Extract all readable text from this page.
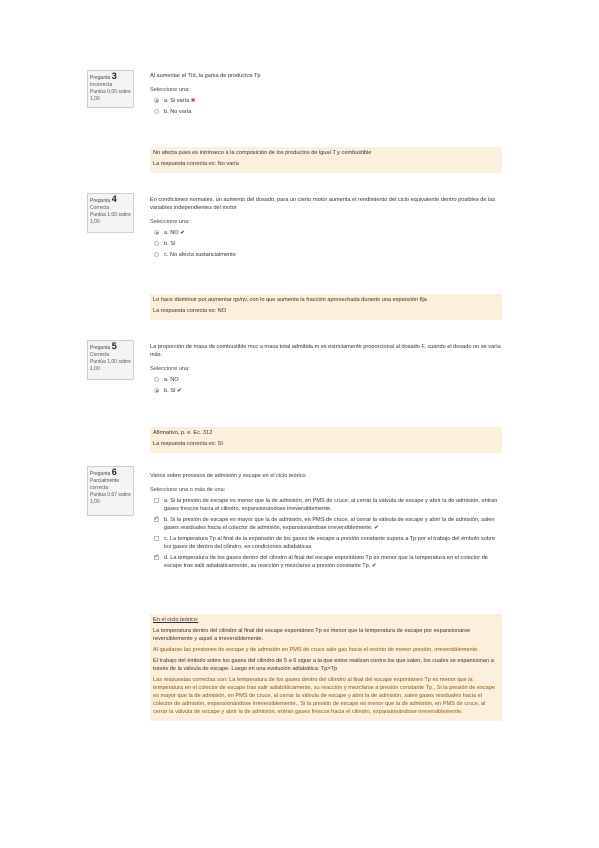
Pregunta 3
Incorrecta
Puntúa 0,00 sobre 1,00

Al aumentar el Tíd, la gama de productos Tp

Seleccione una:

a. Si varía ✖
b. No varía

No afecta pues es intrínseco a la composición de los productos de igual T y combustible

La respuesta correcta es: No varía

Pregunta 4
Correcta
Puntúa 1,00 sobre 1,00

En condiciones normales, un aumento del dosado, para un cierto motor aumenta el rendimiento del ciclo equivalente dentro posibles de las variables independientes del motor

Seleccione una:

a. NO ✔
b. SI
c. No afecta sustancialmente

Lo hace disminuir por aumentar ηp/ηv, con lo que aumenta la fracción aprovechada durante una expansión fija

La respuesta correcta es: NO

Pregunta 5
Correcta
Puntúa 1,00 sobre 1,00

La proporción de masa de combustible mcc a masa total admitida m es estrictamente proporcional al dosado F, cuando el dosado no se varía más.

Seleccione una:

a. NO
b. SI ✔

Afirmativo, p. e. Ec. 312

La respuesta correcta es: SI

Pregunta 6
Parcialmente correcta
Puntúa 0,67 sobre 1,00

Varios sobre procesos de admisión y escape en el ciclo teórico

Seleccione una o más de una:

a. Si la presión de escape es menor que la de admisión, en PMS de cruce, al cerrar la válvula de escape y abrir la de admisión, entran gases frescos hacia el cilindro, expansionándose irreversiblemente.
✓
b. Si la presión de escape es mayor que la de admisión, en PMS de cruce, al cerrar la válvula de escape y abrir la de admisión, salen gases residuales hacia el colector de admisión, expansionándose irreversiblemente. ✔
c. La temperatura Tp al final de la expansión de los gases de escape a presión constante supera a Tp por el trabajo del émbolo sobre los gases de dentro del cilindro, en condiciones adiabáticas
✓
d. La temperatura de los gases dentro del cilindro al final del escape espontáneo Tp es menor que la temperatura en el colector de escape tras salir adiabáticamente, su reacción y mezclarse a presión constante Tp. ✔

En el ciclo teórico:

La temperatura dentro del cilindro al final del escape espontáneo Tp es menor que la temperatura de escape por expansionarse reversiblemente y aquel a irreversiblemente.

Al igualarse las presiones de escape y de admisión en PMS de cruce sale gas hacia el recinto de menor presión, irreversiblemente.

El trabajo del émbolo sobre los gases del cilindro de 5 a 6 sigue a la que estos realizan contra los que salen, los cuales se expansionan a través de la válvula de escape. Luego en una evolución adiabática: Tp>Tp

Las respuestas correctas son: La temperatura de los gases dentro del cilindro al final del escape espontáneo Tp es menor que la temperatura en el colector de escape tras salir adiabáticamente, su reacción y mezclarse a presión constante Tp., Si la presión de escape es mayor que la de admisión, en PMS de cruce, al cerrar la válvula de escape y abrir la de admisión, salen gases residuales hacia el colector de admisión, expansionándose irreversiblemente., Si la presión de escape es menor que la de admisión, en PMS de cruce, al cerrar la válvula de escape y abrir la de admisión, entran gases frescos hacia el cilindro, expansionándose irreversiblemente.
